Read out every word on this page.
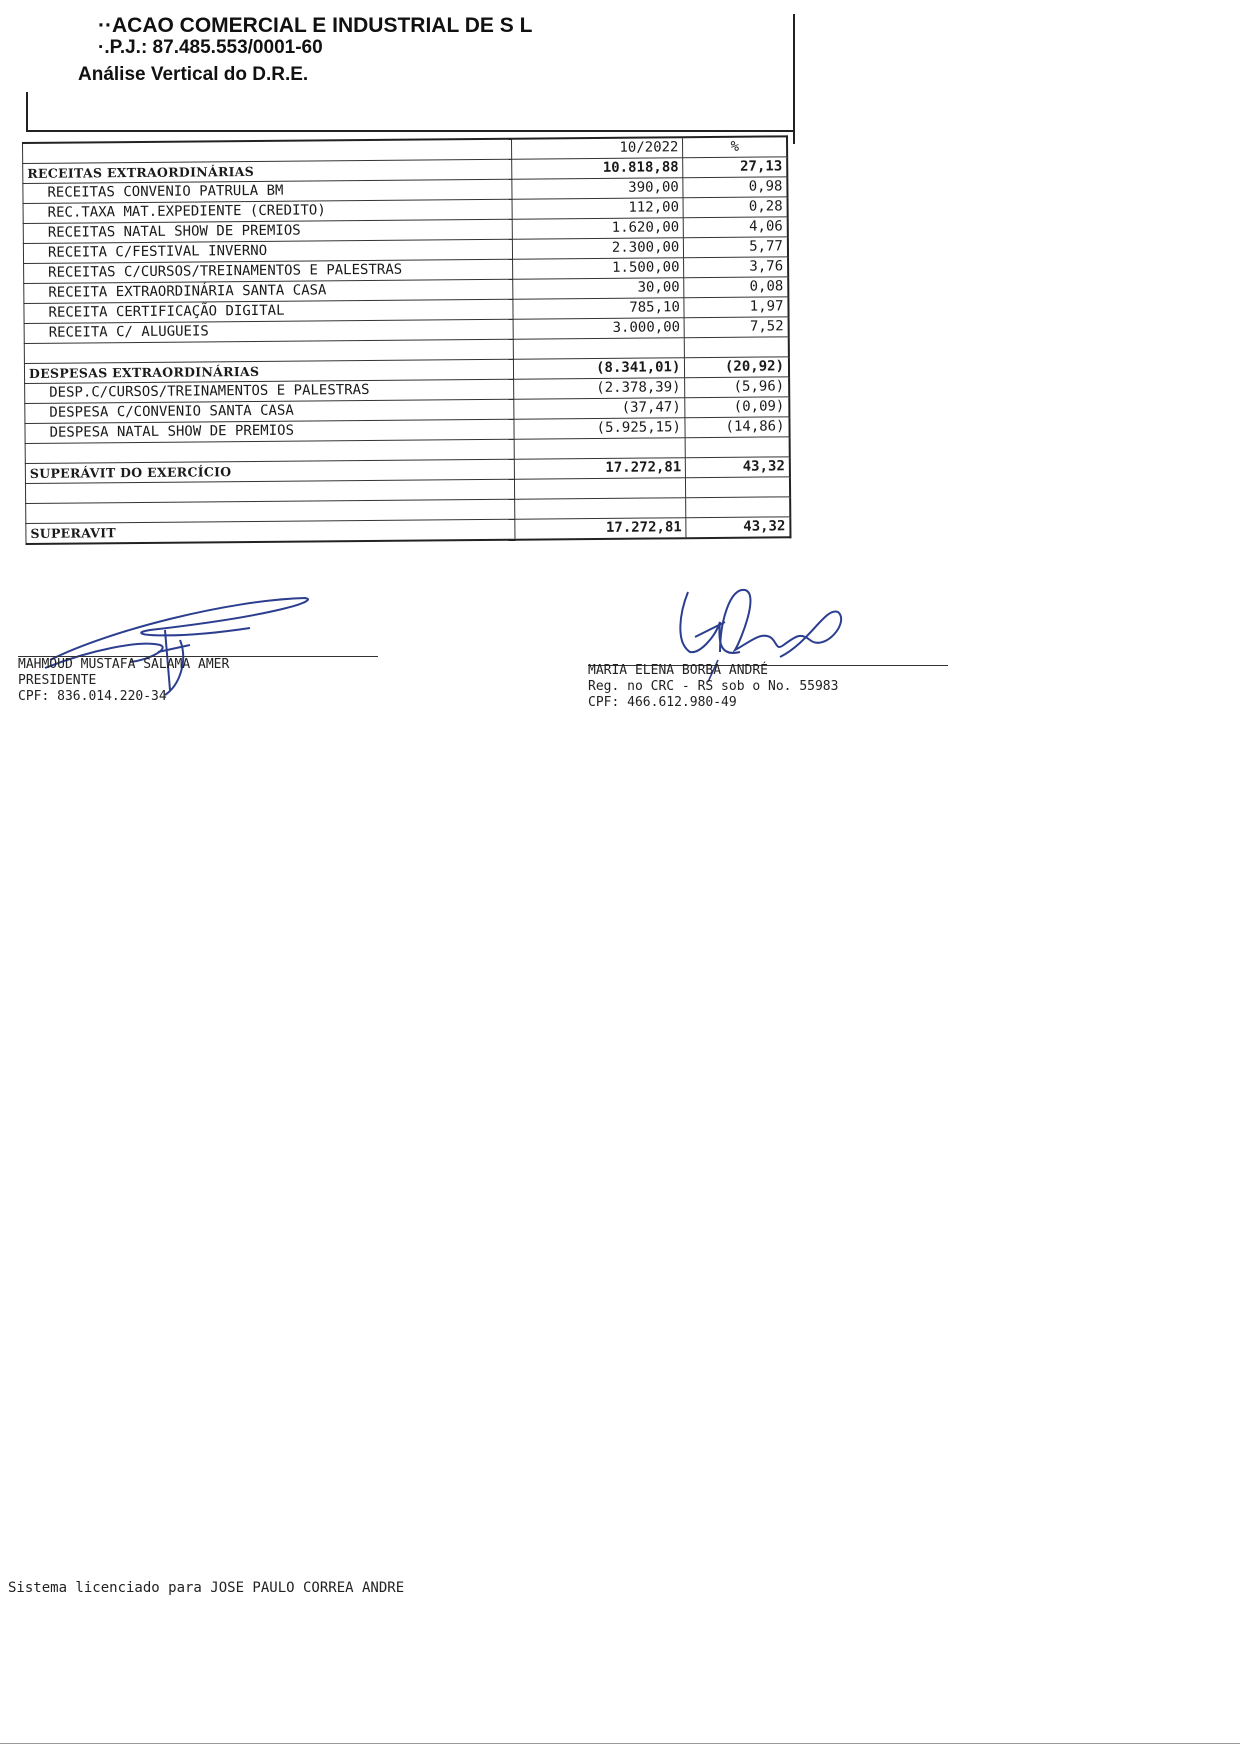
··ACAO COMERCIAL E INDUSTRIAL DE S L
·.P.J.: 87.485.553/0001-60
Análise Vertical do D.R.E.
	10/2022	%
RECEITAS EXTRAORDINÁRIAS	10.818,88	27,13
RECEITAS CONVENIO PATRULA BM	390,00	0,98
REC.TAXA MAT.EXPEDIENTE (CREDITO)	112,00	0,28
RECEITAS NATAL SHOW DE PREMIOS	1.620,00	4,06
RECEITA C/FESTIVAL INVERNO	2.300,00	5,77
RECEITAS C/CURSOS/TREINAMENTOS E PALESTRAS	1.500,00	3,76
RECEITA EXTRAORDINÁRIA SANTA CASA	30,00	0,08
RECEITA CERTIFICAÇÃO DIGITAL	785,10	1,97
RECEITA C/ ALUGUEIS	3.000,00	7,52

DESPESAS EXTRAORDINÁRIAS	(8.341,01)	(20,92)
DESP.C/CURSOS/TREINAMENTOS E PALESTRAS	(2.378,39)	(5,96)
DESPESA C/CONVENIO SANTA CASA	(37,47)	(0,09)
DESPESA NATAL SHOW DE PREMIOS	(5.925,15)	(14,86)

SUPERÁVIT DO EXERCÍCIO	17.272,81	43,32

SUPERAVIT	17.272,81	43,32
MAHMOUD MUSTAFA SALAMA AMER
PRESIDENTE
CPF: 836.014.220-34
MARIA ELENA BORBA ANDRÉ
Reg. no CRC - RS sob o No. 55983
CPF: 466.612.980-49
Sistema licenciado para JOSE PAULO CORREA ANDRE
